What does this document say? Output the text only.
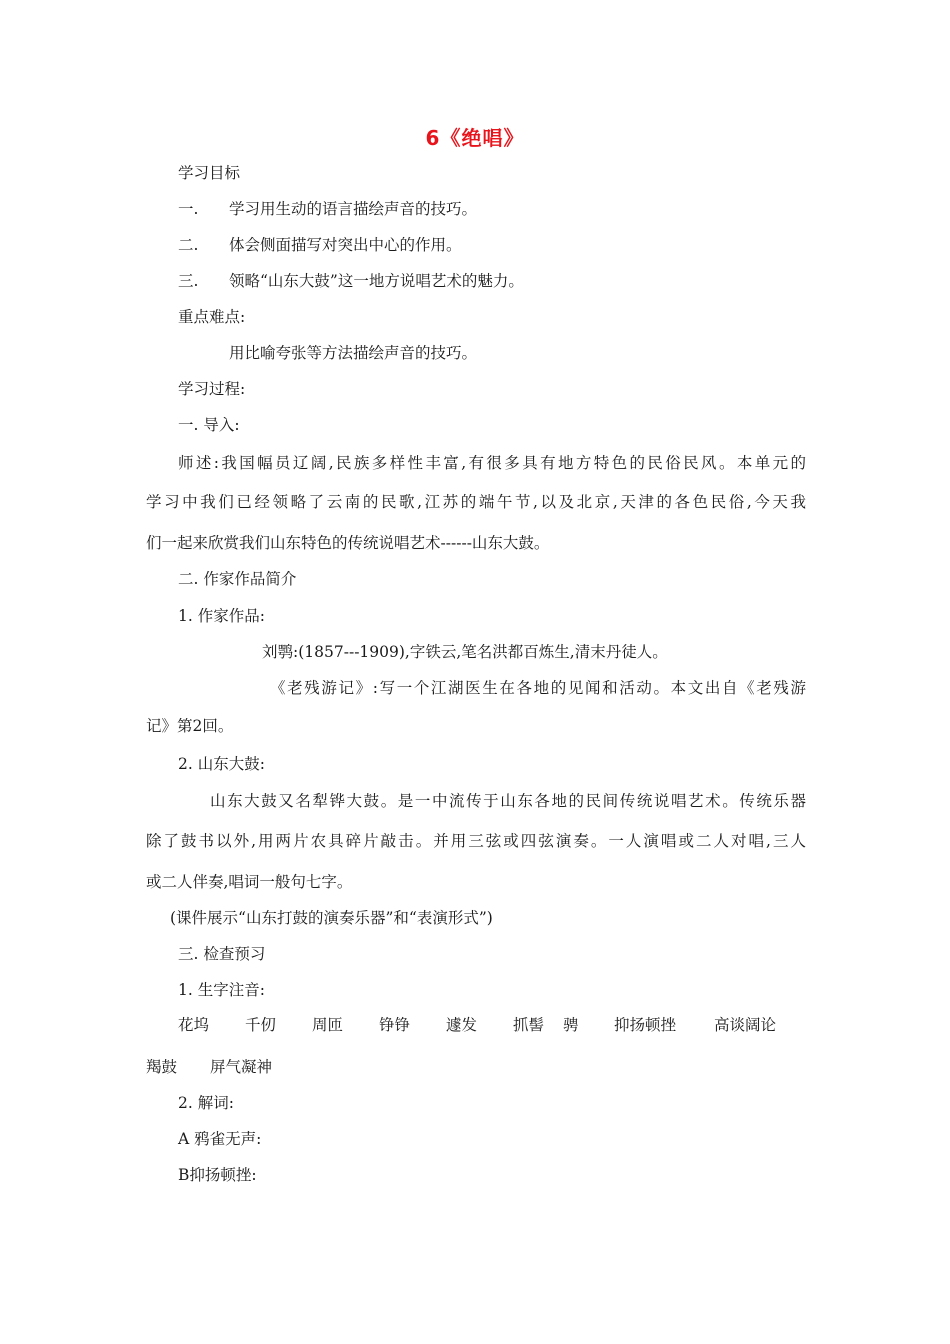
6《绝唱》
学习目标
一. 学习用生动的语言描绘声音的技巧。
二. 体会侧面描写对突出中心的作用。
三. 领略“山东大鼓”这一地方说唱艺术的魅力。
重点难点:
用比喻夸张等方法描绘声音的技巧。
学习过程:
一. 导入:
师述:我国幅员辽阔,民族多样性丰富,有很多具有地方特色的民俗民风。本单元的
学习中我们已经领略了云南的民歌,江苏的端午节,以及北京,天津的各色民俗,今天我
们一起来欣赏我们山东特色的传统说唱艺术------山东大鼓。
二. 作家作品简介
1. 作家作品:
刘鹗:(1857---1909),字铁云,笔名洪都百炼生,清末丹徒人。
《老残游记》:写一个江湖医生在各地的见闻和活动。本文出自《老残游
记》第2回。
2. 山东大鼓:
山东大鼓又名犁铧大鼓。是一中流传于山东各地的民间传统说唱艺术。传统乐器
除了鼓书以外,用两片农具碎片敲击。并用三弦或四弦演奏。一人演唱或二人对唱,三人
或二人伴奏,唱词一般句七字。
(课件展示“山东打鼓的演奏乐器”和“表演形式”)
三. 检查预习
1. 生字注音:
花坞 千仞 周匝 铮铮 遽发 抓髻 骋 抑扬顿挫 高谈阔论
羯鼓 屏气凝神
2. 解词:
A 鸦雀无声:
B抑扬顿挫:
